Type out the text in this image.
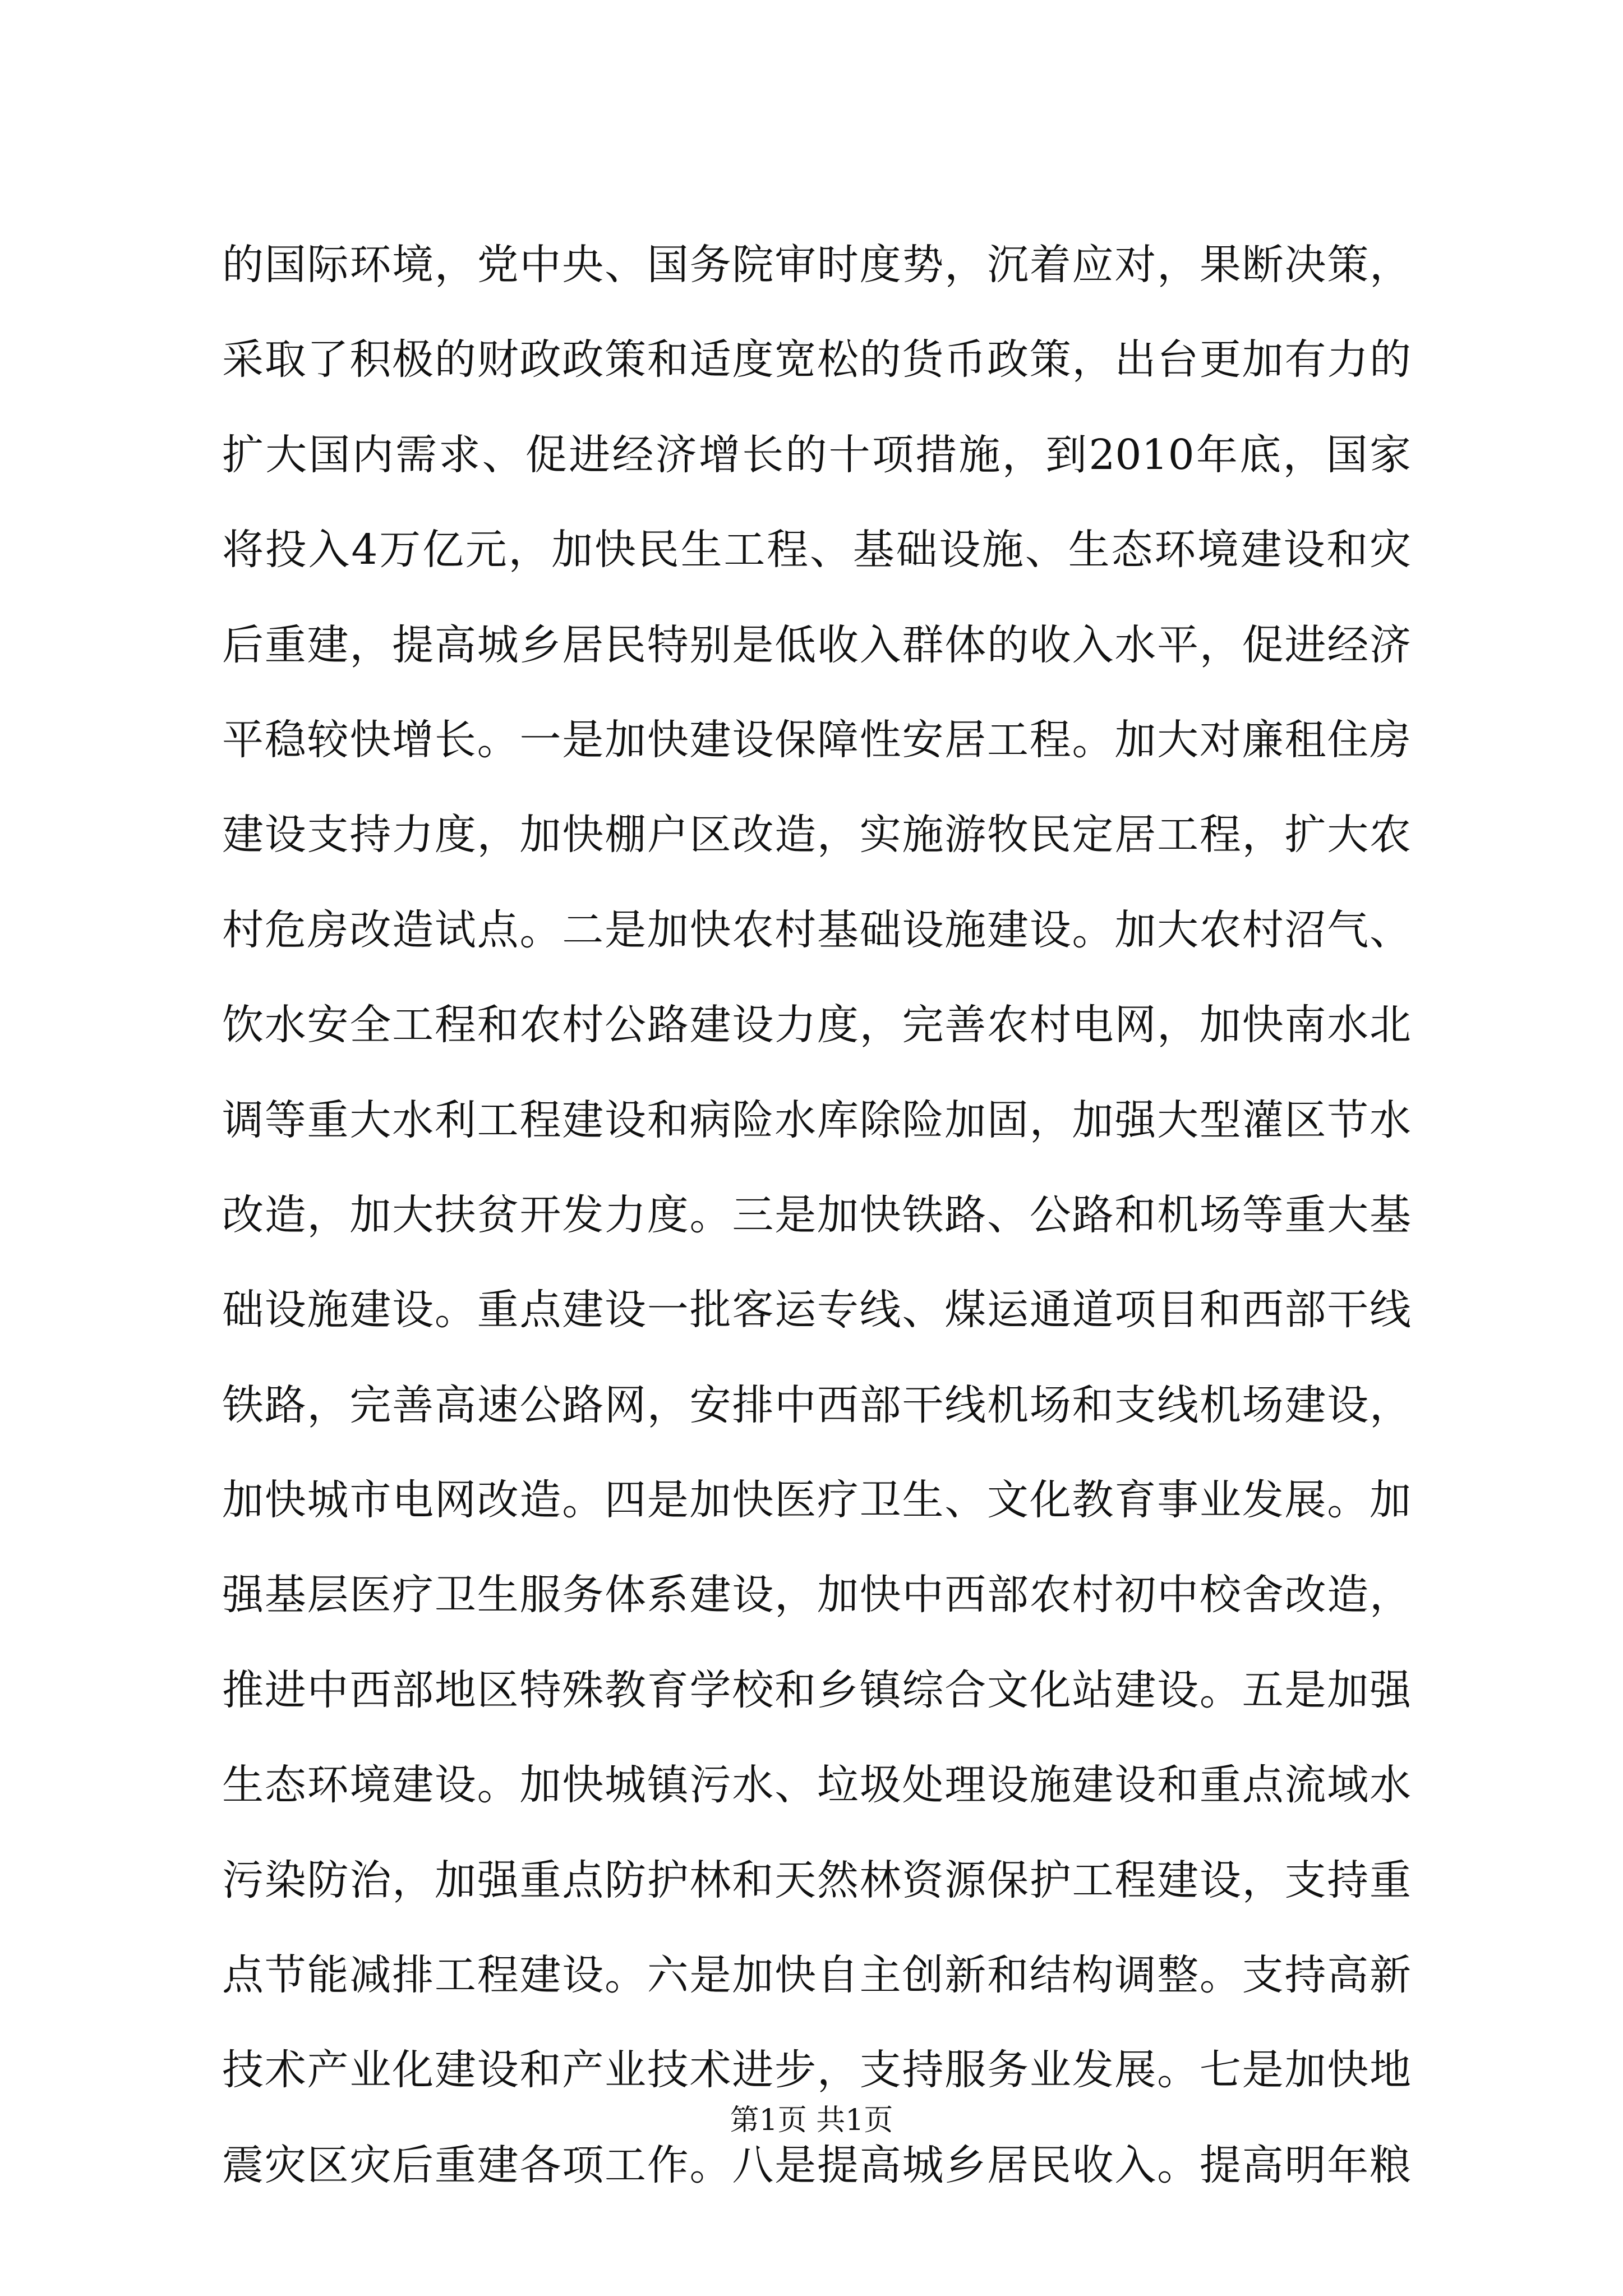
的国际环境，党中央、国务院审时度势，沉着应对，果断决策，
采取了积极的财政政策和适度宽松的货币政策，出台更加有力的
扩大国内需求、促进经济增长的十项措施，到2010年底，国家
将投入4万亿元，加快民生工程、基础设施、生态环境建设和灾
后重建，提高城乡居民特别是低收入群体的收入水平，促进经济
平稳较快增长。一是加快建设保障性安居工程。加大对廉租住房
建设支持力度，加快棚户区改造，实施游牧民定居工程，扩大农
村危房改造试点。二是加快农村基础设施建设。加大农村沼气、
饮水安全工程和农村公路建设力度，完善农村电网，加快南水北
调等重大水利工程建设和病险水库除险加固，加强大型灌区节水
改造，加大扶贫开发力度。三是加快铁路、公路和机场等重大基
础设施建设。重点建设一批客运专线、煤运通道项目和西部干线
铁路，完善高速公路网，安排中西部干线机场和支线机场建设，
加快城市电网改造。四是加快医疗卫生、文化教育事业发展。加
强基层医疗卫生服务体系建设，加快中西部农村初中校舍改造，
推进中西部地区特殊教育学校和乡镇综合文化站建设。五是加强
生态环境建设。加快城镇污水、垃圾处理设施建设和重点流域水
污染防治，加强重点防护林和天然林资源保护工程建设，支持重
点节能减排工程建设。六是加快自主创新和结构调整。支持高新
技术产业化建设和产业技术进步，支持服务业发展。七是加快地
震灾区灾后重建各项工作。八是提高城乡居民收入。提高明年粮
第1页 共1页
